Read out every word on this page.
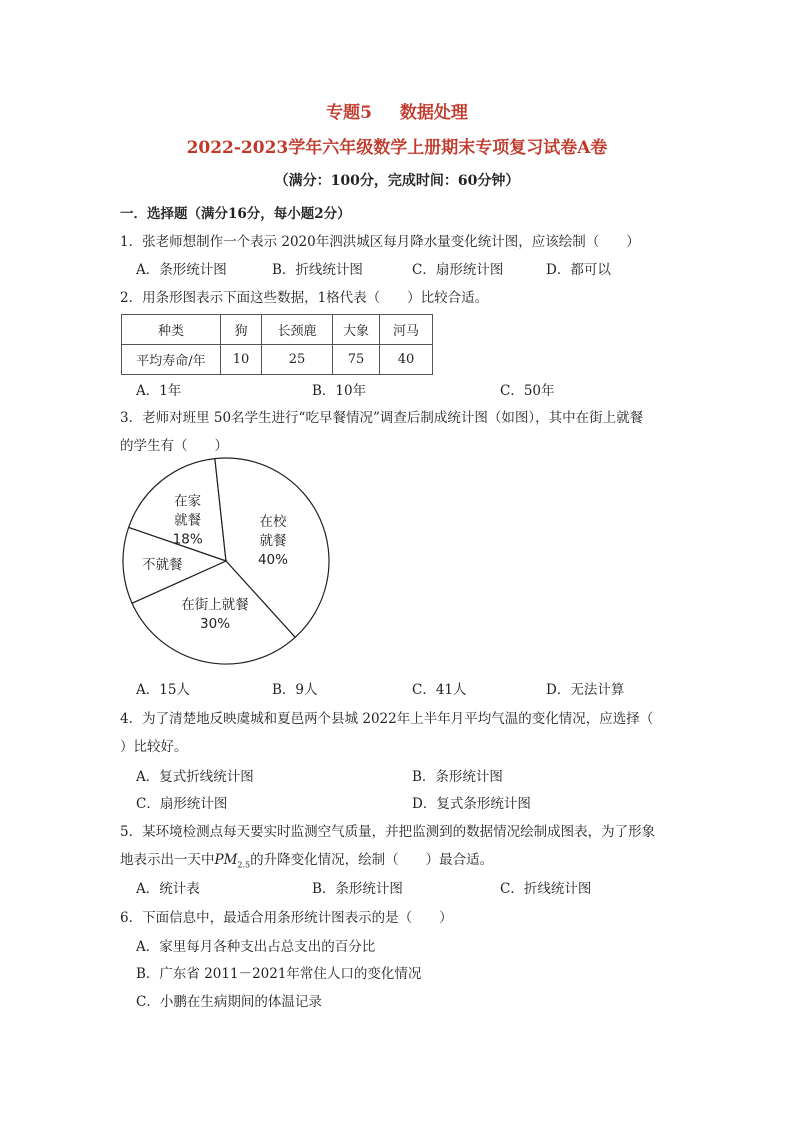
专题5 数据处理
2022-2023学年六年级数学上册期末专项复习试卷A卷
（满分：100分，完成时间：60分钟）
一．选择题（满分16分，每小题2分）
1．张老师想制作一个表示 2020年泗洪城区每月降水量变化统计图，应该绘制（　　）
A．条形统计图	B．折线统计图	C．扇形统计图	D．都可以
2．用条形图表示下面这些数据，1格代表（　　）比较合适。
种类	狗	长颈鹿	大象	河马
平均寿命/年	10	25	75	40
A．1年	B．10年	C．50年
3．老师对班里 50名学生进行“吃早餐情况”调查后制成统计图（如图），其中在街上就餐
的学生有（　　）
在家
就餐
18%
在校
就餐
40%
在街上就餐
30%
不就餐
A．15人	B．9人	C．41人	D．无法计算
4．为了清楚地反映虞城和夏邑两个县城 2022年上半年月平均气温的变化情况，应选择（
）比较好。
A．复式折线统计图	B．条形统计图
C．扇形统计图	D．复式条形统计图
5．某环境检测点每天要实时监测空气质量，并把监测到的数据情况绘制成图表，为了形象
地表示出一天中$PM_{2.5}$的升降变化情况，绘制（　　）最合适。
A．统计表	B．条形统计图	C．折线统计图
6．下面信息中，最适合用条形统计图表示的是（　　）
A．家里每月各种支出占总支出的百分比
B．广东省 2011－2021年常住人口的变化情况
C．小鹏在生病期间的体温记录
